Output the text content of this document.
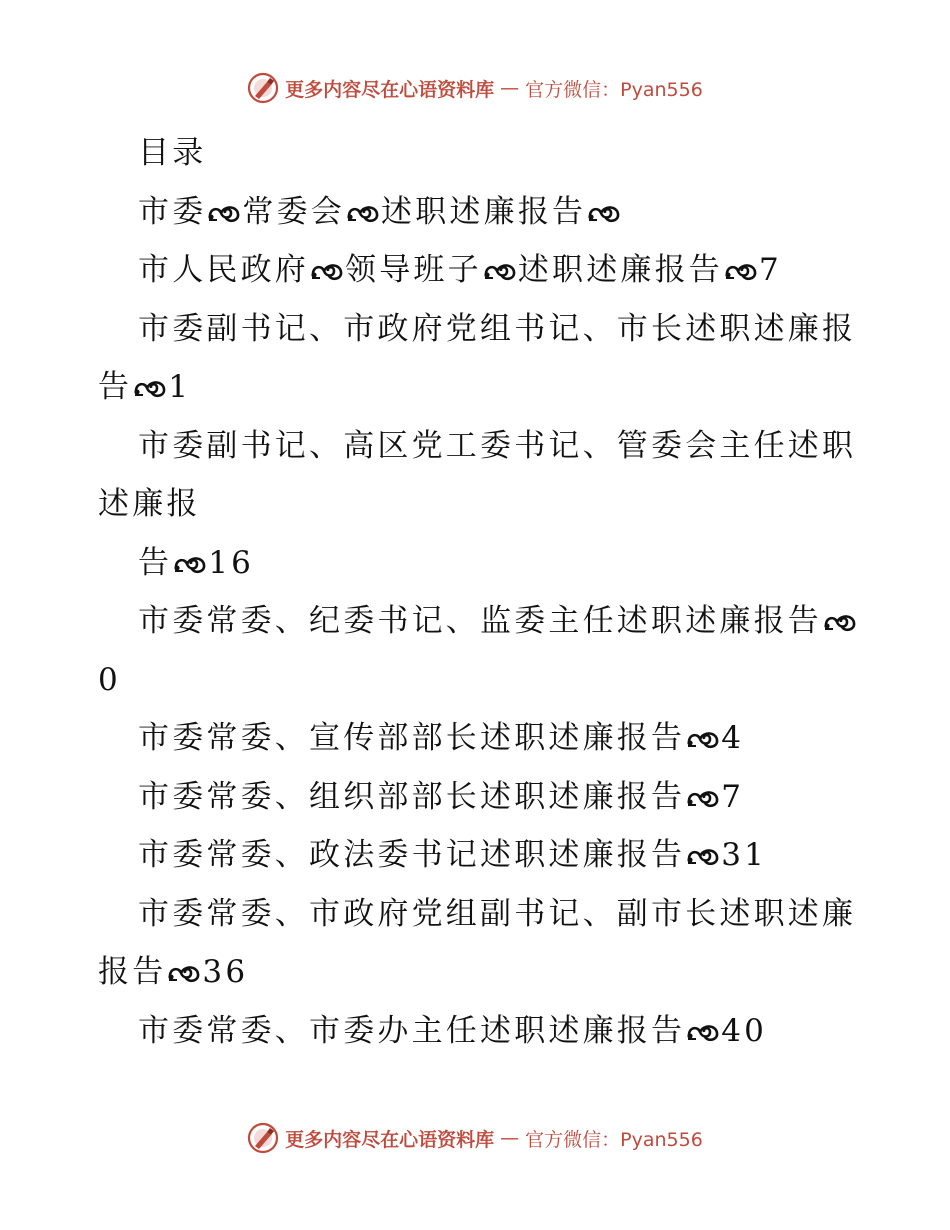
更多内容尽在心语资料库 — 官方微信：Pyan556

目录

市委 常委会 述职述廉报告

市人民政府 领导班子 述职述廉报告 7

市委副书记、市政府党组书记、市长述职述廉报告 1

市委副书记、高区党工委书记、管委会主任述职述廉报

告 16

市委常委、纪委书记、监委主任述职述廉报告0

市委常委、宣传部部长述职述廉报告 4

市委常委、组织部部长述职述廉报告 7

市委常委、政法委书记述职述廉报告 31

市委常委、市政府党组副书记、副市长述职述廉报告 36

市委常委、市委办主任述职述廉报告 40

更多内容尽在心语资料库 — 官方微信：Pyan556
